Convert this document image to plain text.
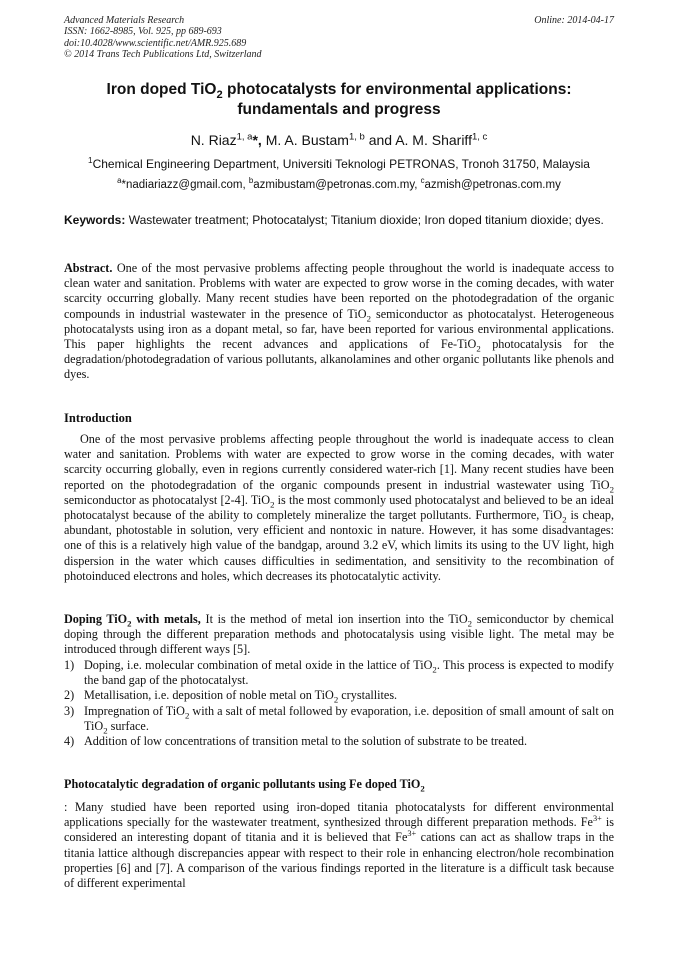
Advanced Materials Research
ISSN: 1662-8985, Vol. 925, pp 689-693
doi:10.4028/www.scientific.net/AMR.925.689
© 2014 Trans Tech Publications Ltd, Switzerland
Online: 2014-04-17
Iron doped TiO$_2$ photocatalysts for environmental applications:
fundamentals and progress
N. Riaz$^{1, a}$*, M. A. Bustam$^{1, b}$ and A. M. Shariff$^{1, c}$
$^1$Chemical Engineering Department, Universiti Teknologi PETRONAS, Tronoh 31750, Malaysia
$^a$*nadiariazz@gmail.com, $^b$azmibustam@petronas.com.my, $^c$azmish@petronas.com.my
Keywords: Wastewater treatment; Photocatalyst; Titanium dioxide; Iron doped titanium dioxide; dyes.
Abstract. One of the most pervasive problems affecting people throughout the world is inadequate access to clean water and sanitation. Problems with water are expected to grow worse in the coming decades, with water scarcity occurring globally. Many recent studies have been reported on the photodegradation of the organic compounds in industrial wastewater in the presence of TiO$_2$ semiconductor as photocatalyst. Heterogeneous photocatalysts using iron as a dopant metal, so far, have been reported for various environmental applications. This paper highlights the recent advances and applications of Fe-TiO$_2$ photocatalysis for the degradation/photodegradation of various pollutants, alkanolamines and other organic pollutants like phenols and dyes.
Introduction

One of the most pervasive problems affecting people throughout the world is inadequate access to clean water and sanitation. Problems with water are expected to grow worse in the coming decades, with water scarcity occurring globally, even in regions currently considered water-rich [1]. Many recent studies have been reported on the photodegradation of the organic compounds present in industrial wastewater using TiO$_2$ semiconductor as photocatalyst [2-4]. TiO$_2$ is the most commonly used photocatalyst and believed to be an ideal photocatalyst because of the ability to completely mineralize the target pollutants. Furthermore, TiO$_2$ is cheap, abundant, photostable in solution, very efficient and nontoxic in nature. However, it has some disadvantages: one of this is a relatively high value of the bandgap, around 3.2 eV, which limits its using to the UV light, high dispersion in the water which causes difficulties in sedimentation, and sensitivity to the recombination of photoinduced electrons and holes, which decreases its photocatalytic activity.

Doping TiO$_2$ with metals, It is the method of metal ion insertion into the TiO$_2$ semiconductor by chemical doping through the different preparation methods and photocatalysis using visible light. The metal may be introduced through different ways [5].

1) Doping, i.e. molecular combination of metal oxide in the lattice of TiO$_2$. This process is expected to modify the band gap of the photocatalyst.
2) Metallisation, i.e. deposition of noble metal on TiO$_2$ crystallites.
3) Impregnation of TiO$_2$ with a salt of metal followed by evaporation, i.e. deposition of small amount of salt on TiO$_2$ surface.
4) Addition of low concentrations of transition metal to the solution of substrate to be treated.
Photocatalytic degradation of organic pollutants using Fe doped TiO$_2$

: Many studied have been reported using iron-doped titania photocatalysts for different environmental applications specially for the wastewater treatment, synthesized through different preparation methods. $Fe^{3+}$ is considered an interesting dopant of titania and it is believed that $Fe^{3+}$ cations can act as shallow traps in the titania lattice although discrepancies appear with respect to their role in enhancing electron/hole recombination properties [6] and [7]. A comparison of the various findings reported in the literature is a difficult task because of different experimental
